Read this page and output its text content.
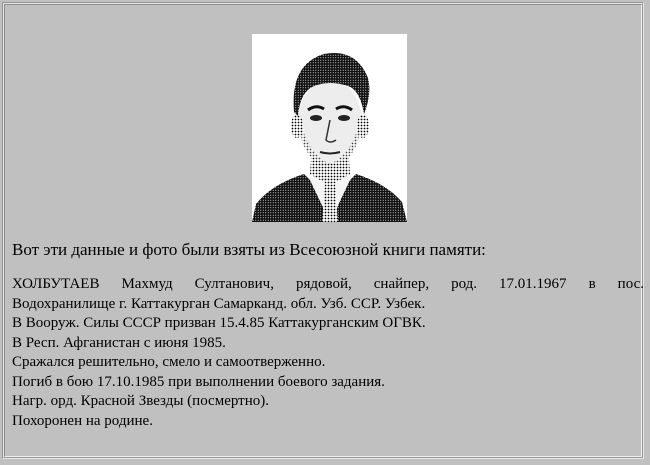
Вот эти данные и фото были взяты из Всесоюзной книги памяти:
ХОЛБУТАЕВ Махмуд Султанович, рядовой, снайпер, род. 17.01.1967 в пос.
Водохранилище г. Каттакурган Самарканд. обл. Узб. ССР. Узбек.
В Вооруж. Силы СССР призван 15.4.85 Каттакурганским ОГВК.
В Респ. Афганистан с июня 1985.
Сражался решительно, смело и самоотверженно.
Погиб в бою 17.10.1985 при выполнении боевого задания.
Нагр. орд. Красной Звезды (посмертно).
Похоронен на родине.
